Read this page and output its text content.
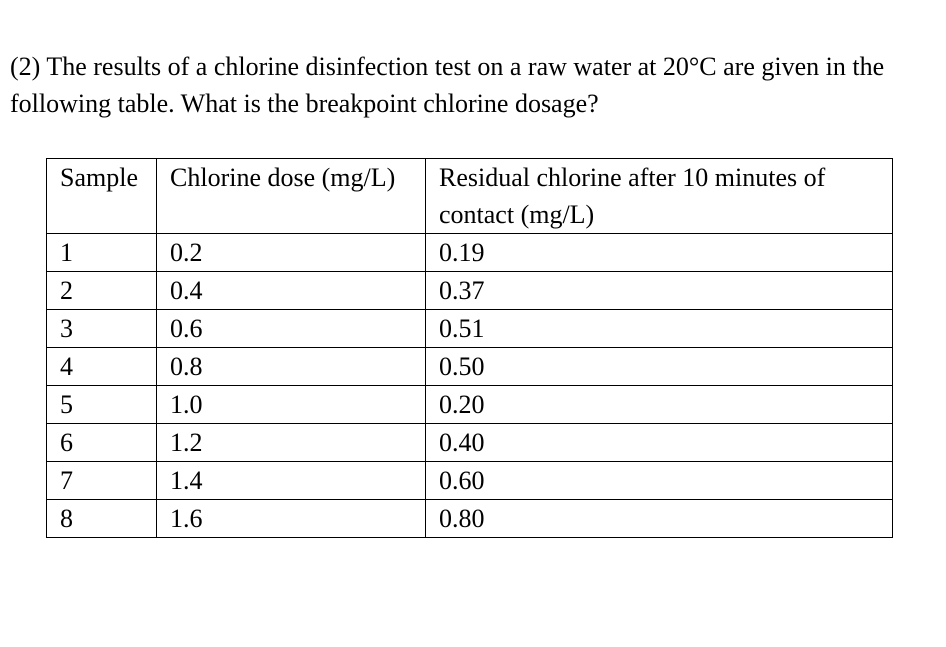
(2) The results of a chlorine disinfection test on a raw water at 20°C are given in the following table. What is the breakpoint chlorine dosage?

Sample	Chlorine dose (mg/L)	Residual chlorine after 10 minutes of contact (mg/L)
1	0.2	0.19
2	0.4	0.37
3	0.6	0.51
4	0.8	0.50
5	1.0	0.20
6	1.2	0.40
7	1.4	0.60
8	1.6	0.80
